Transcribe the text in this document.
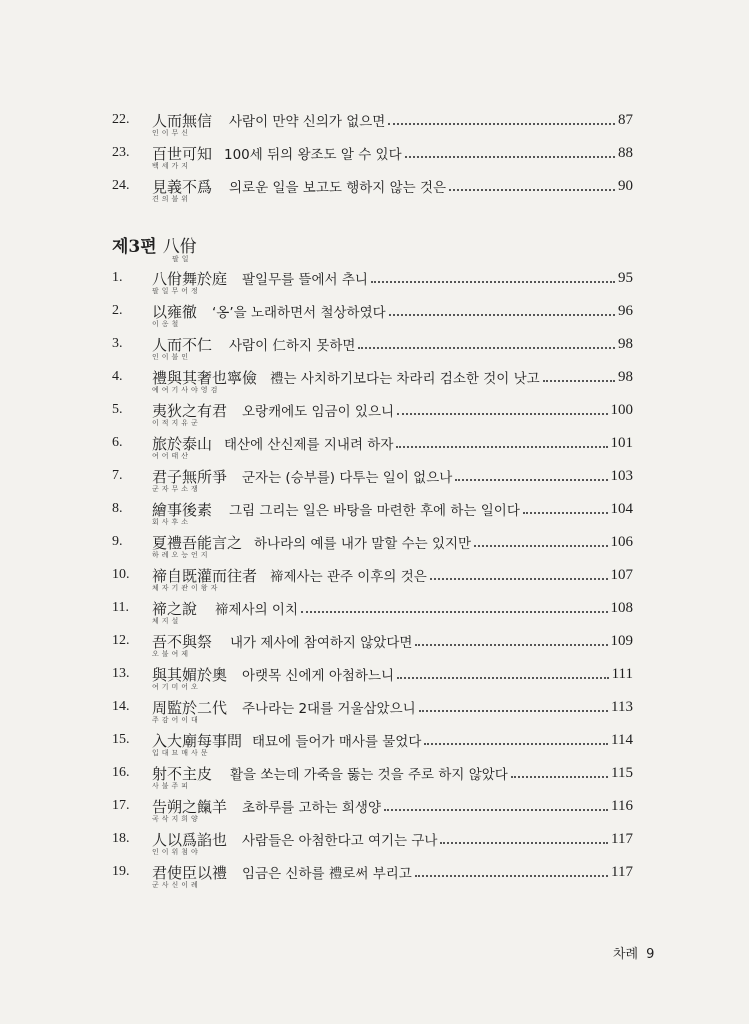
22. 人而無信
인이무신
사람이 만약 신의가 없으면	87
23. 百世可知
백세가지
100세 뒤의 왕조도 알 수 있다	88
24. 見義不爲
견의불위
의로운 일을 보고도 행하지 않는 것은	90
제3편 八佾
팔일
1. 八佾舞於庭
팔일무어정
팔일무를 뜰에서 추니	95
2. 以雍徹
이옹철
‘옹’을 노래하면서 철상하였다	96
3. 人而不仁
인이불인
사람이 仁하지 못하면	98
4. 禮與其奢也寧儉
예여기사야영검
禮는 사치하기보다는 차라리 검소한 것이 낫고	98
5. 夷狄之有君
이적지유군
오랑캐에도 임금이 있으니	100
6. 旅於泰山
여어태산
태산에 산신제를 지내려 하자	101
7. 君子無所爭
군자무소쟁
군자는 (승부를) 다투는 일이 없으나	103
8. 繪事後素
회사후소
그림 그리는 일은 바탕을 마련한 후에 하는 일이다	104
9. 夏禮吾能言之
하례오능언지
하나라의 예를 내가 말할 수는 있지만	106
10. 禘自既灌而往者
체자기관이왕자
禘제사는 관주 이후의 것은	107
11. 禘之說
체지설
禘제사의 이치	108
12. 吾不與祭
오불여제
내가 제사에 참여하지 않았다면	109
13. 與其媚於奧
여기미어오
아랫목 신에게 아첨하느니	111
14. 周監於二代
주감어이대
주나라는 2대를 거울삼았으니	113
15. 入大廟每事問
입대묘매사문
태묘에 들어가 매사를 물었다	114
16. 射不主皮
사불주피
활을 쏘는데 가죽을 뚫는 것을 주로 하지 않았다	115
17. 告朔之餼羊
곡삭지희양
초하루를 고하는 희생양	116
18. 人以爲諂也
인이위첨야
사람들은 아첨한다고 여기는 구나	117
19. 君使臣以禮
군사신이례
임금은 신하를 禮로써 부리고	117
차례 9
